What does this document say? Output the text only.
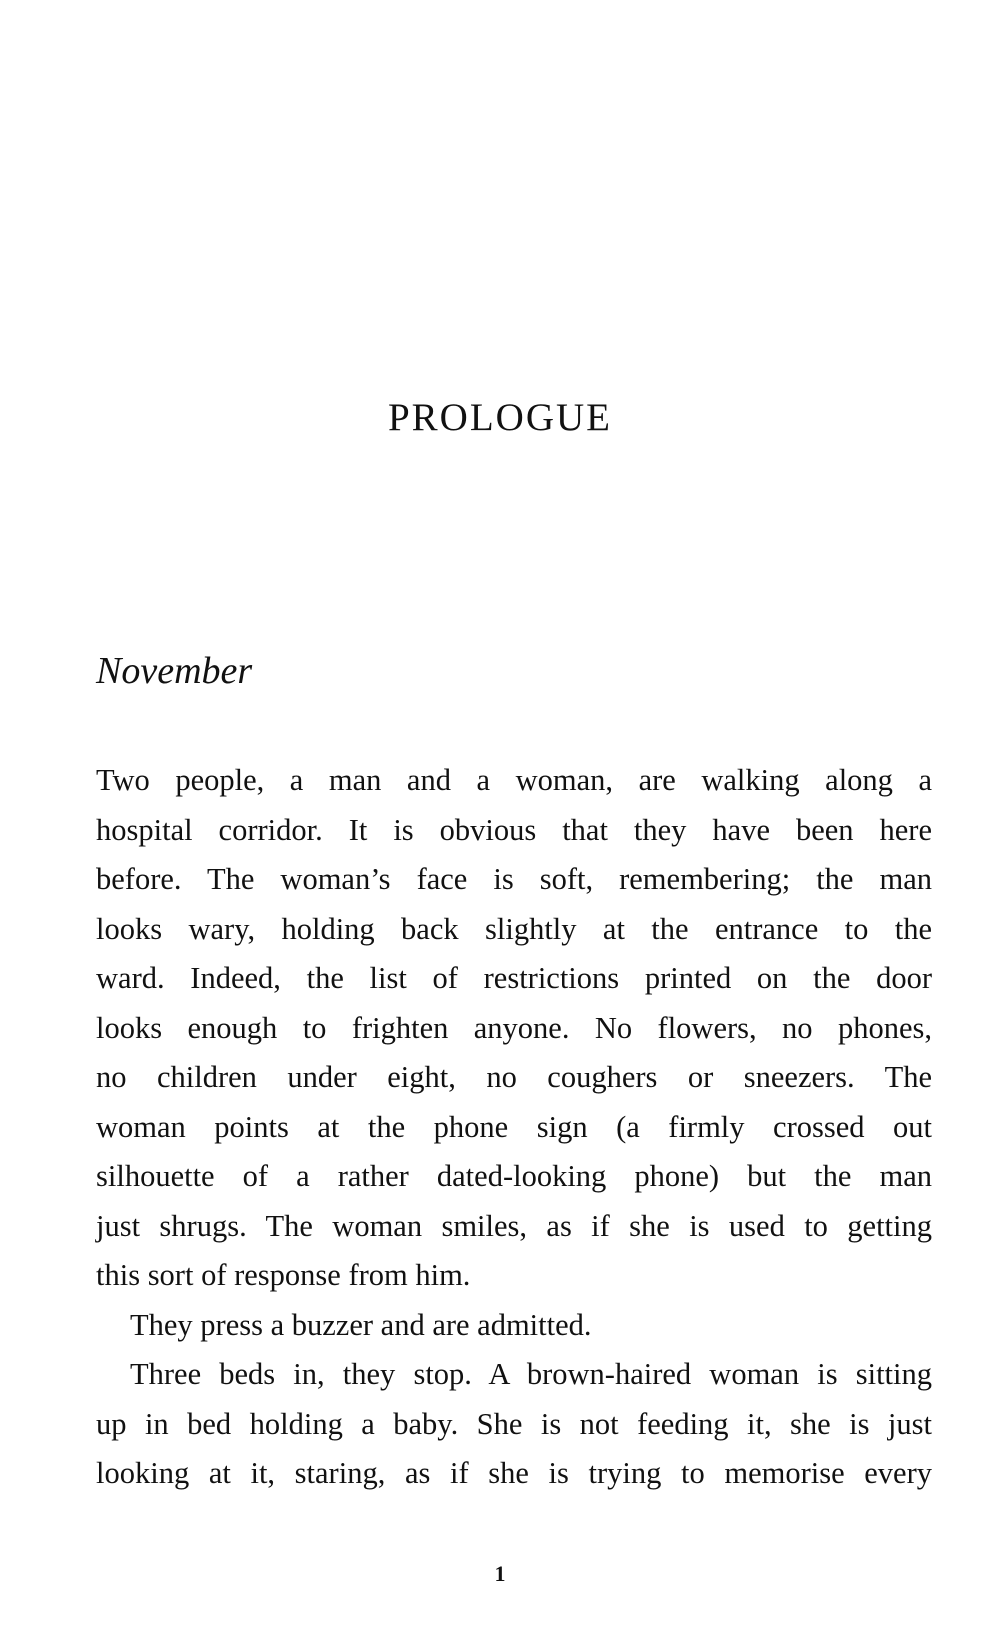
PROLOGUE
November
Two people, a man and a woman, are walking along a
hospital corridor. It is obvious that they have been here
before. The woman’s face is soft, remembering; the man
looks wary, holding back slightly at the entrance to the
ward. Indeed, the list of restrictions printed on the door
looks enough to frighten anyone. No flowers, no phones,
no children under eight, no coughers or sneezers. The
woman points at the phone sign (a firmly crossed out
silhouette of a rather dated-looking phone) but the man
just shrugs. The woman smiles, as if she is used to getting
this sort of response from him.
They press a buzzer and are admitted.
Three beds in, they stop. A brown-haired woman is sitting
up in bed holding a baby. She is not feeding it, she is just
looking at it, staring, as if she is trying to memorise every
1
